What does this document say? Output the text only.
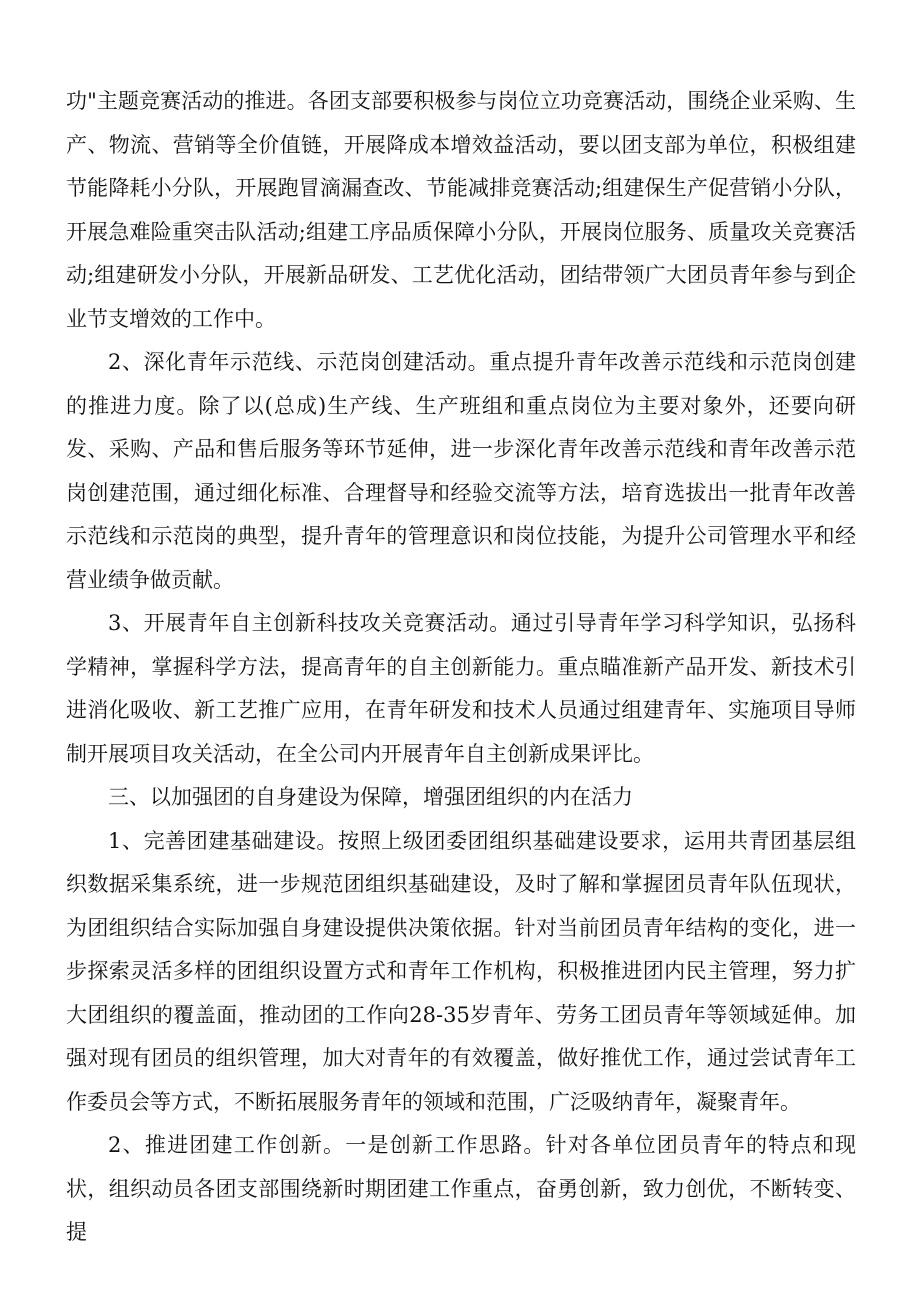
功"主题竞赛活动的推进。各团支部要积极参与岗位立功竞赛活动，围绕企业采购、生产、物流、营销等全价值链，开展降成本增效益活动，要以团支部为单位，积极组建节能降耗小分队，开展跑冒滴漏查改、节能减排竞赛活动;组建保生产促营销小分队，开展急难险重突击队活动;组建工序品质保障小分队，开展岗位服务、质量攻关竞赛活动;组建研发小分队，开展新品研发、工艺优化活动，团结带领广大团员青年参与到企业节支增效的工作中。

2、深化青年示范线、示范岗创建活动。重点提升青年改善示范线和示范岗创建的推进力度。除了以(总成)生产线、生产班组和重点岗位为主要对象外，还要向研发、采购、产品和售后服务等环节延伸，进一步深化青年改善示范线和青年改善示范岗创建范围，通过细化标准、合理督导和经验交流等方法，培育选拔出一批青年改善示范线和示范岗的典型，提升青年的管理意识和岗位技能，为提升公司管理水平和经营业绩争做贡献。

3、开展青年自主创新科技攻关竞赛活动。通过引导青年学习科学知识，弘扬科学精神，掌握科学方法，提高青年的自主创新能力。重点瞄准新产品开发、新技术引进消化吸收、新工艺推广应用，在青年研发和技术人员通过组建青年、实施项目导师制开展项目攻关活动，在全公司内开展青年自主创新成果评比。

三、以加强团的自身建设为保障，增强团组织的内在活力

1、完善团建基础建设。按照上级团委团组织基础建设要求，运用共青团基层组织数据采集系统，进一步规范团组织基础建设，及时了解和掌握团员青年队伍现状，为团组织结合实际加强自身建设提供决策依据。针对当前团员青年结构的变化，进一步探索灵活多样的团组织设置方式和青年工作机构，积极推进团内民主管理，努力扩大团组织的覆盖面，推动团的工作向28-35岁青年、劳务工团员青年等领域延伸。加强对现有团员的组织管理，加大对青年的有效覆盖，做好推优工作，通过尝试青年工作委员会等方式，不断拓展服务青年的领域和范围，广泛吸纳青年，凝聚青年。

2、推进团建工作创新。一是创新工作思路。针对各单位团员青年的特点和现状，组织动员各团支部围绕新时期团建工作重点，奋勇创新，致力创优，不断转变、提
